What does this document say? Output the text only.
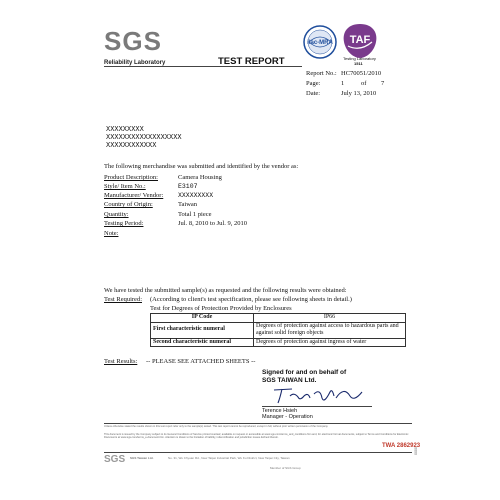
SGS
Reliability Laboratory	TEST REPORT
ilac-MRA TAF
Testing Laboratory
1511
Report No.: HC70051/2010
Page:	1	of 7
Date:	July 13, 2010
XXXXXXXXX
XXXXXXXXXXXXXXXXXX
XXXXXXXXXXXX
The following merchandise was submitted and identified by the vendor as:
Product Description:	Camera Housing
Style/ Item No.:	E3107
Manufacturer/ Vendor: XXXXXXXXX
Country of Origin:	Taiwan
Quantity:	Total 1 piece
Testing Period:	Jul. 8, 2010 to Jul. 9, 2010
Note:
We have tested the submitted sample(s) as requested and the following results were obtained:
Test Required: (According to client's test specification, please see following sheets in detail.)
Test for Degrees of Protection Provided by Enclosures
IP Code	IP66
First characteristic numeral	Degrees of protection against access to hazardous parts and against solid foreign objects
Second characteristic numeral	Degrees of protection against ingress of water
Test Results: -- PLEASE SEE ATTACHED SHEETS --
Signed for and on behalf of
SGS TAIWAN Ltd.
Terence Hsieh
Manager - Operation
Unless otherwise stated the results shown in this test report refer only to the sample(s) tested. This test report cannot be reproduced, except in full, without prior written permission of the Company.
This document is issued by the Company subject to its General Conditions of Service printed overleaf, available on request or accessible at www.sgs.com/terms_and_conditions.htm and, for electronic format documents, subject to Terms and Conditions for Electronic Documents at www.sgs.com/terms_e-document.htm. Attention is drawn to the limitation of liability, indemnification and jurisdiction issues defined therein.
TWA 2862923
SGS SGS Taiwan Ltd.	No. 31, Wu Chyuan Rd., New Taipei Industrial Park, Wu Ku District, New Taipei City, Taiwan
Member of SGS Group
0000
